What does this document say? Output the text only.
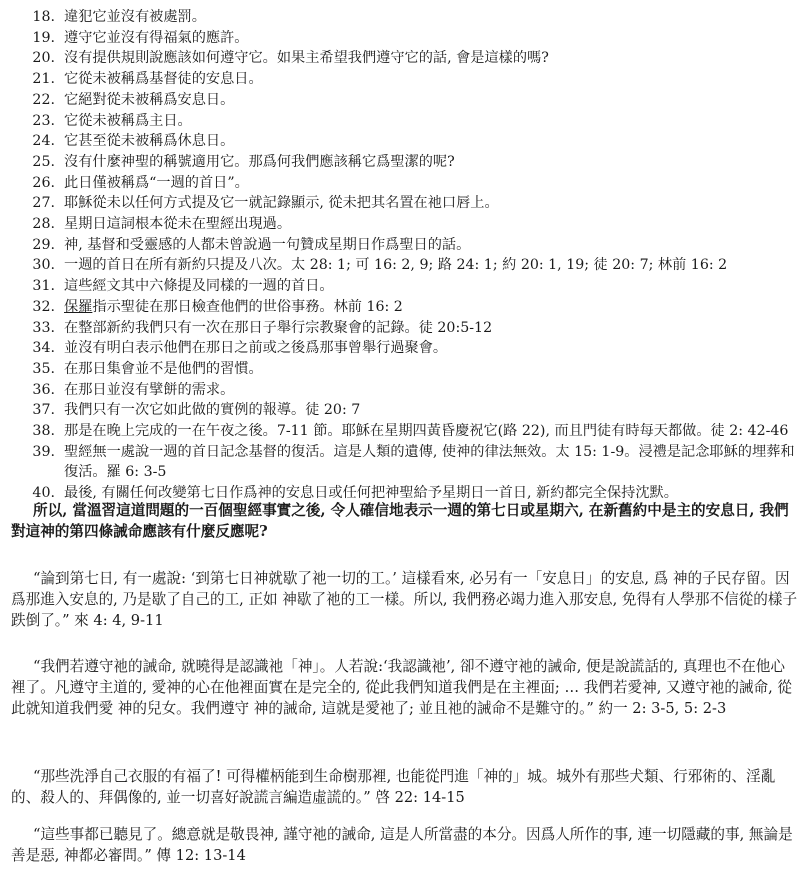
18. 違犯它並沒有被處罰。
19. 遵守它並沒有得福氣的應許。
20. 沒有提供規則說應該如何遵守它。如果主希望我們遵守它的話, 會是這樣的嗎?
21. 它從未被稱爲基督徒的安息日。
22. 它絕對從未被稱爲安息日。
23. 它從未被稱爲主日。
24. 它甚至從未被稱爲休息日。
25. 沒有什麼神聖的稱號適用它。那爲何我們應該稱它爲聖潔的呢?
26. 此日僅被稱爲“一週的首日”。
27. 耶穌從未以任何方式提及它一就記錄顯示, 從未把其名置在祂口唇上。
28. 星期日這詞根本從未在聖經出現過。
29. 神, 基督和受靈感的人都未曾說過一句贊成星期日作爲聖日的話。
30. 一週的首日在所有新約只提及八次。太 28: 1; 可 16: 2, 9; 路 24: 1; 約 20: 1, 19; 徒 20: 7; 林前 16: 2
31. 這些經文其中六條提及同樣的一週的首日。
32. 保羅指示聖徒在那日檢查他們的世俗事務。林前 16: 2
33. 在整部新約我們只有一次在那日子舉行宗教聚會的記錄。徒 20:5-12
34. 並沒有明白表示他們在那日之前或之後爲那事曾舉行過聚會。
35. 在那日集會並不是他們的習慣。
36. 在那日並沒有擘餅的需求。
37. 我們只有一次它如此做的實例的報導。徒 20: 7
38. 那是在晚上完成的一在午夜之後。7-11 節。耶穌在星期四黃昏慶祝它(路 22), 而且門徒有時每天都做。徒 2: 42-46
39. 聖經無一處說一週的首日記念基督的復活。這是人類的遺傳, 使神的律法無效。太 15: 1-9。浸禮是記念耶穌的埋葬和復活。羅 6: 3-5
40. 最後, 有關任何改變第七日作爲神的安息日或任何把神聖給予星期日一首日, 新約都完全保持沈默。

所以, 當溫習這道問題的一百個聖經事實之後, 令人確信地表示一週的第七日或星期六, 在新舊約中是主的安息日, 我們對這神的第四條誡命應該有什麼反應呢?

“論到第七日, 有一處說: ‘到第七日神就歇了祂一切的工。’ 這樣看來, 必另有一「安息日」的安息, 爲 神的子民存留。因爲那進入安息的, 乃是歇了自己的工, 正如 神歇了祂的工一樣。所以, 我們務必竭力進入那安息, 免得有人學那不信從的樣子跌倒了。” 來 4: 4, 9-11

“我們若遵守祂的誡命, 就曉得是認識祂「神」。人若說:‘我認識祂’, 卻不遵守祂的誡命, 便是說謊話的, 真理也不在他心裡了。凡遵守主道的, 愛神的心在他裡面實在是完全的, 從此我們知道我們是在主裡面; … 我們若愛神, 又遵守祂的誡命, 從此就知道我們愛 神的兒女。我們遵守 神的誡命, 這就是愛祂了; 並且祂的誡命不是難守的。” 約一 2: 3-5, 5: 2-3

“那些洗淨自己衣服的有福了! 可得權柄能到生命樹那裡, 也能從門進「神的」城。城外有那些犬類、行邪術的、淫亂的、殺人的、拜偶像的, 並一切喜好說謊言編造虛謊的。” 啓 22: 14-15

“這些事都已聽見了。總意就是敬畏神, 謹守祂的誡命, 這是人所當盡的本分。因爲人所作的事, 連一切隱藏的事, 無論是善是惡, 神都必審問。” 傳 12: 13-14
